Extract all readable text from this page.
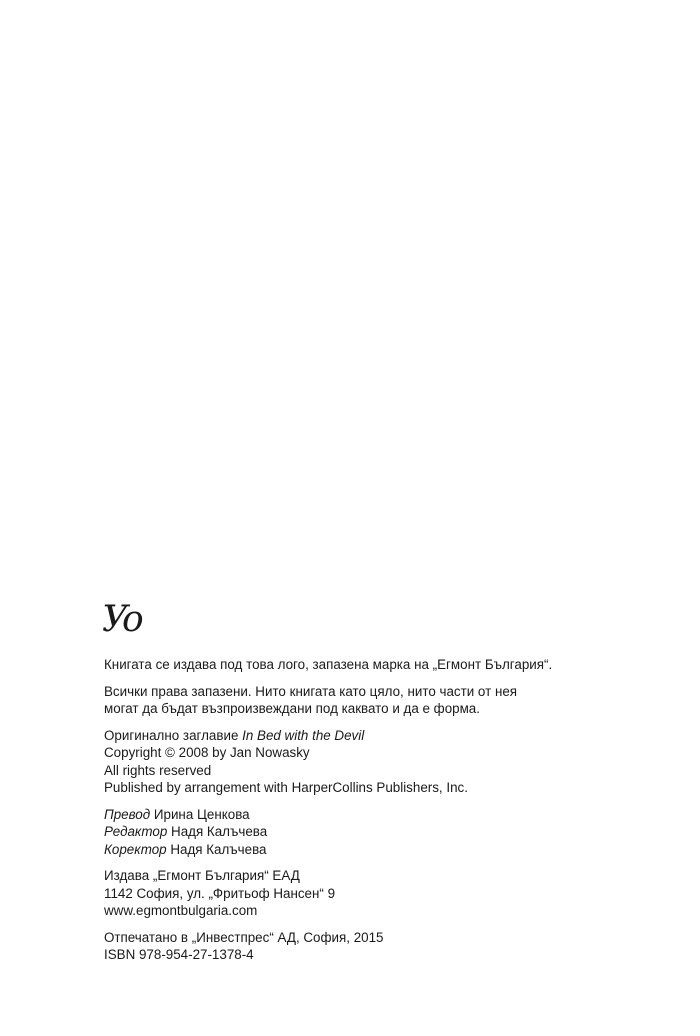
Уо

Книгата се издава под това лого, запазена марка на „Егмонт България“.

Всички права запазени. Нито книгата като цяло, нито части от нея
могат да бъдат възпроизвеждани под каквато и да е форма.

Оригинално заглавие In Bed with the Devil
Copyright © 2008 by Jan Nowasky
All rights reserved
Published by arrangement with HarperCollins Publishers, Inc.

Превод Ирина Ценкова
Редактор Надя Калъчева
Коректор Надя Калъчева

Издава „Егмонт България“ ЕАД
1142 София, ул. „Фритьоф Нансен“ 9
www.egmontbulgaria.com

Отпечатано в „Инвестпрес“ АД, София, 2015
ISBN 978-954-27-1378-4
